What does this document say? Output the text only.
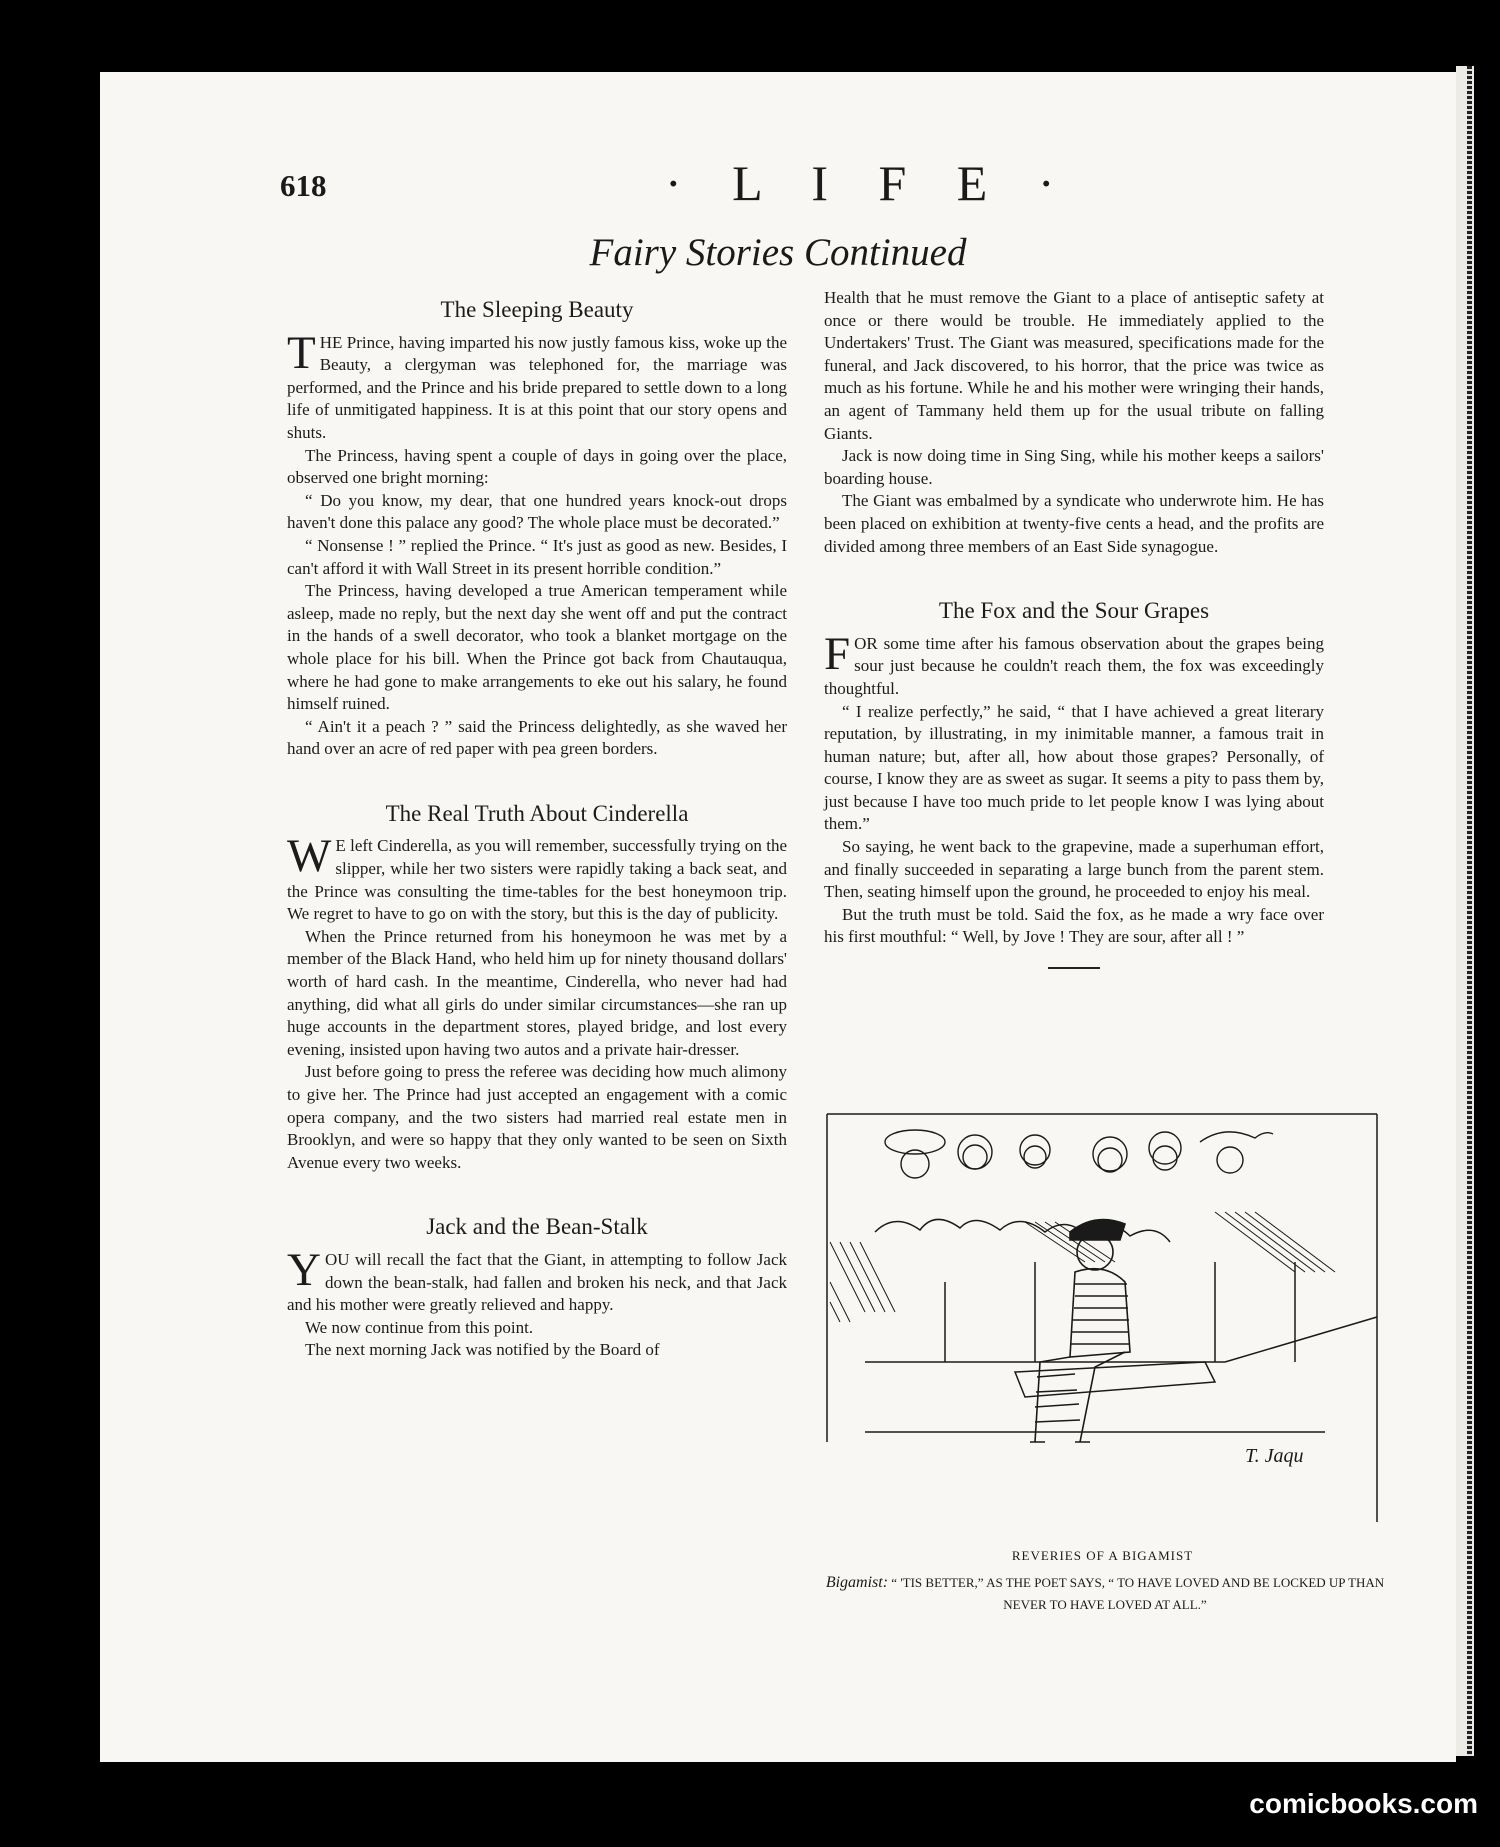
618	· L I F E ·
Fairy Stories Continued
The Sleeping Beauty

THE Prince, having imparted his now justly famous kiss, woke up the Beauty, a clergyman was telephoned for, the marriage was performed, and the Prince and his bride prepared to settle down to a long life of unmitigated happiness. It is at this point that our story opens and shuts.

The Princess, having spent a couple of days in going over the place, observed one bright morning:

“ Do you know, my dear, that one hundred years knock-out drops haven't done this palace any good? The whole place must be decorated.”

“ Nonsense ! ” replied the Prince. “ It's just as good as new. Besides, I can't afford it with Wall Street in its present horrible condition.”

The Princess, having developed a true American temperament while asleep, made no reply, but the next day she went off and put the contract in the hands of a swell decorator, who took a blanket mortgage on the whole place for his bill. When the Prince got back from Chautauqua, where he had gone to make arrangements to eke out his salary, he found himself ruined.

“ Ain't it a peach ? ” said the Princess delightedly, as she waved her hand over an acre of red paper with pea green borders.

The Real Truth About Cinderella

WE left Cinderella, as you will remember, successfully trying on the slipper, while her two sisters were rapidly taking a back seat, and the Prince was consulting the time-tables for the best honeymoon trip. We regret to have to go on with the story, but this is the day of publicity.

When the Prince returned from his honeymoon he was met by a member of the Black Hand, who held him up for ninety thousand dollars' worth of hard cash. In the meantime, Cinderella, who never had had anything, did what all girls do under similar circumstances—she ran up huge accounts in the department stores, played bridge, and lost every evening, insisted upon having two autos and a private hair-dresser.

Just before going to press the referee was deciding how much alimony to give her. The Prince had just accepted an engagement with a comic opera company, and the two sisters had married real estate men in Brooklyn, and were so happy that they only wanted to be seen on Sixth Avenue every two weeks.

Jack and the Bean-Stalk

YOU will recall the fact that the Giant, in attempting to follow Jack down the bean-stalk, had fallen and broken his neck, and that Jack and his mother were greatly relieved and happy.

We now continue from this point.

The next morning Jack was notified by the Board of

Health that he must remove the Giant to a place of antiseptic safety at once or there would be trouble. He immediately applied to the Undertakers' Trust. The Giant was measured, specifications made for the funeral, and Jack discovered, to his horror, that the price was twice as much as his fortune. While he and his mother were wringing their hands, an agent of Tammany held them up for the usual tribute on falling Giants.

Jack is now doing time in Sing Sing, while his mother keeps a sailors' boarding house.

The Giant was embalmed by a syndicate who underwrote him. He has been placed on exhibition at twenty-five cents a head, and the profits are divided among three members of an East Side synagogue.

The Fox and the Sour Grapes

FOR some time after his famous observation about the grapes being sour just because he couldn't reach them, the fox was exceedingly thoughtful.

“ I realize perfectly,” he said, “ that I have achieved a great literary reputation, by illustrating, in my inimitable manner, a famous trait in human nature; but, after all, how about those grapes? Personally, of course, I know they are as sweet as sugar. It seems a pity to pass them by, just because I have too much pride to let people know I was lying about them.”

So saying, he went back to the grapevine, made a superhuman effort, and finally succeeded in separating a large bunch from the parent stem. Then, seating himself upon the ground, he proceeded to enjoy his meal.

But the truth must be told. Said the fox, as he made a wry face over his first mouthful: “ Well, by Jove ! They are sour, after all ! ”

T. Jaqu
REVERIES OF A BIGAMIST
Bigamist: “ 'TIS BETTER,” AS THE POET SAYS, “ TO HAVE LOVED AND BE LOCKED UP THAN NEVER TO HAVE LOVED AT ALL.”
comicbooks.com
